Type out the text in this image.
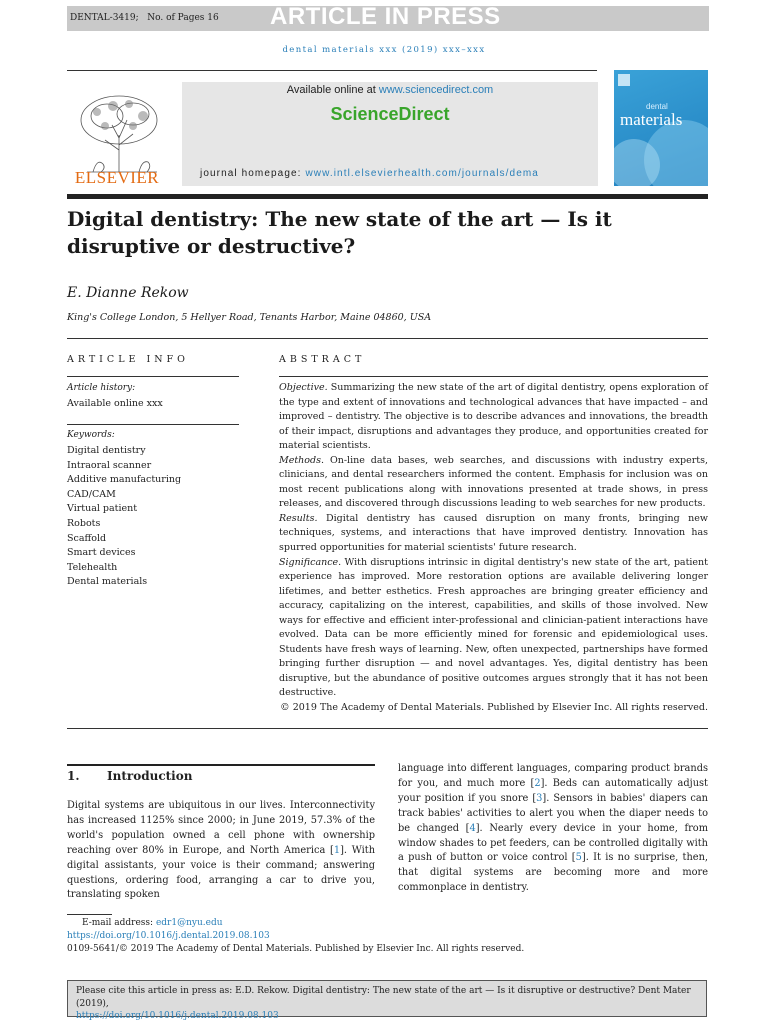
DENTAL-3419; No. of Pages 16 ARTICLE IN PRESS
dental materials xxx (2019) xxx–xxx
ELSEVIER
Available online at www.sciencedirect.com
ScienceDirect
journal homepage: www.intl.elsevierhealth.com/journals/dema
dental
materials
Digital dentistry: The new state of the art — Is it disruptive or destructive?
E. Dianne Rekow
King's College London, 5 Hellyer Road, Tenants Harbor, Maine 04860, USA
ARTICLE INFO
Article history:
Available online xxx
Keywords:
Digital dentistry
Intraoral scanner
Additive manufacturing
CAD/CAM
Virtual patient
Robots
Scaffold
Smart devices
Telehealth
Dental materials
ABSTRACT

Objective. Summarizing the new state of the art of digital dentistry, opens exploration of the type and extent of innovations and technological advances that have impacted – and improved – dentistry. The objective is to describe advances and innovations, the breadth of their impact, disruptions and advantages they produce, and opportunities created for material scientists.

Methods. On-line data bases, web searches, and discussions with industry experts, clinicians, and dental researchers informed the content. Emphasis for inclusion was on most recent publications along with innovations presented at trade shows, in press releases, and discovered through discussions leading to web searches for new products.

Results. Digital dentistry has caused disruption on many fronts, bringing new techniques, systems, and interactions that have improved dentistry. Innovation has spurred opportunities for material scientists' future research.

Significance. With disruptions intrinsic in digital dentistry's new state of the art, patient experience has improved. More restoration options are available delivering longer lifetimes, and better esthetics. Fresh approaches are bringing greater efficiency and accuracy, capitalizing on the interest, capabilities, and skills of those involved. New ways for effective and efficient inter-professional and clinician-patient interactions have evolved. Data can be more efficiently mined for forensic and epidemiological uses. Students have fresh ways of learning. New, often unexpected, partnerships have formed bringing further disruption — and novel advantages. Yes, digital dentistry has been disruptive, but the abundance of positive outcomes argues strongly that it has not been destructive.

© 2019 The Academy of Dental Materials. Published by Elsevier Inc. All rights reserved.

1. Introduction

Digital systems are ubiquitous in our lives. Interconnectivity has increased 1125% since 2000; in June 2019, 57.3% of the world's population owned a cell phone with ownership reaching over 80% in Europe, and North America [1]. With digital assistants, your voice is their command; answering questions, ordering food, arranging a car to drive you, translating spoken

language into different languages, comparing product brands for you, and much more [2]. Beds can automatically adjust your position if you snore [3]. Sensors in babies' diapers can track babies' activities to alert you when the diaper needs to be changed [4]. Nearly every device in your home, from window shades to pet feeders, can be controlled digitally with a push of button or voice control [5]. It is no surprise, then, that digital systems are becoming more and more commonplace in dentistry.

E-mail address: edr1@nyu.edu
https://doi.org/10.1016/j.dental.2019.08.103
0109-5641/© 2019 The Academy of Dental Materials. Published by Elsevier Inc. All rights reserved.
Please cite this article in press as: E.D. Rekow. Digital dentistry: The new state of the art — Is it disruptive or destructive? Dent Mater (2019),
https://doi.org/10.1016/j.dental.2019.08.103
